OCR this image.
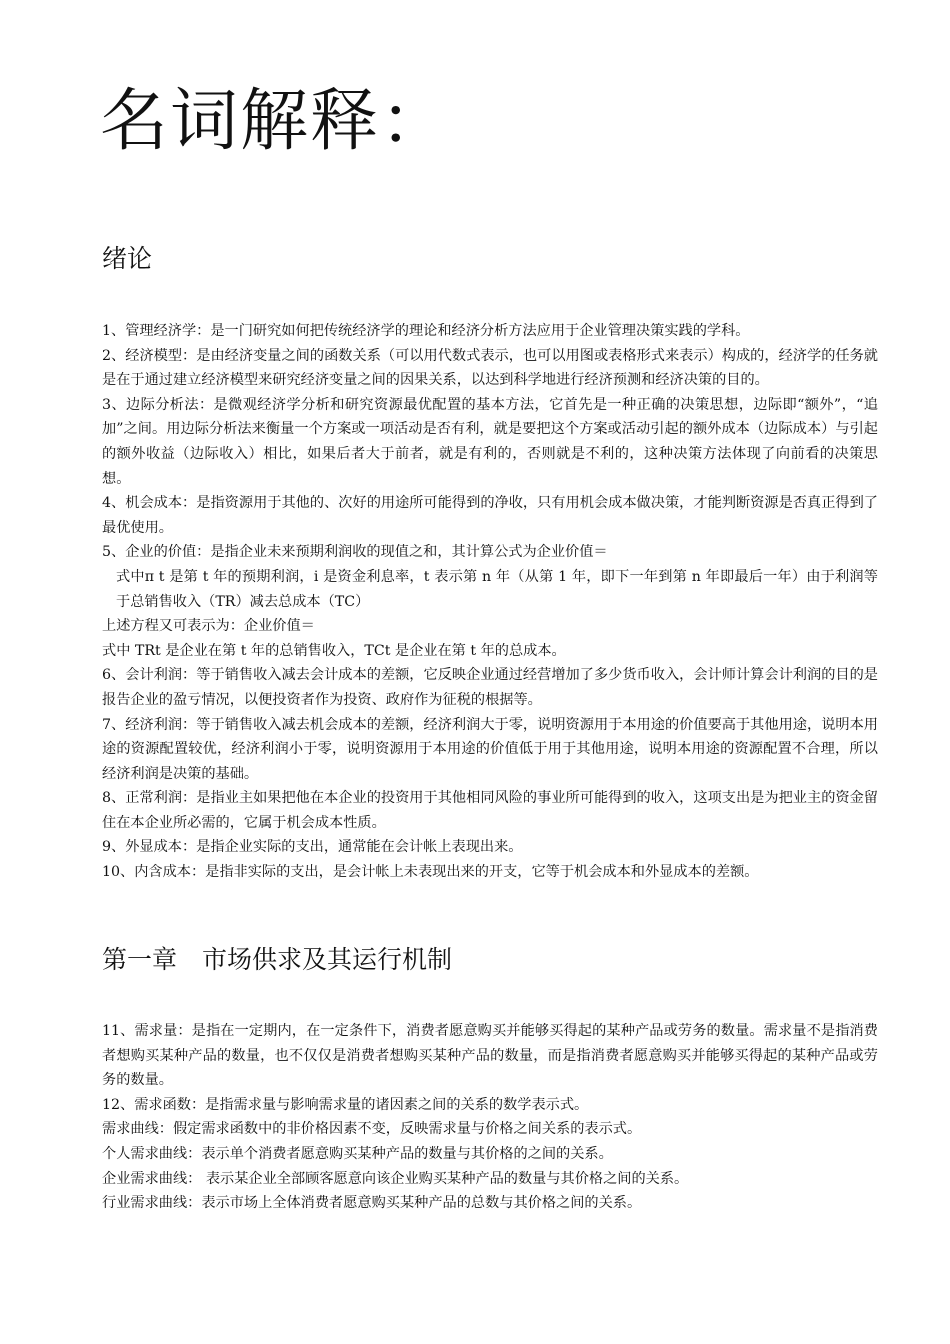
名词解释：
绪论

1、管理经济学：是一门研究如何把传统经济学的理论和经济分析方法应用于企业管理决策实践的学科。

2、经济模型：是由经济变量之间的函数关系（可以用代数式表示，也可以用图或表格形式来表示）构成的，经济学的任务就是在于通过建立经济模型来研究经济变量之间的因果关系，以达到科学地进行经济预测和经济决策的目的。

3、边际分析法：是微观经济学分析和研究资源最优配置的基本方法，它首先是一种正确的决策思想，边际即“额外”，“追加”之间。用边际分析法来衡量一个方案或一项活动是否有利，就是要把这个方案或活动引起的额外成本（边际成本）与引起的额外收益（边际收入）相比，如果后者大于前者，就是有利的，否则就是不利的，这种决策方法体现了向前看的决策思想。

4、机会成本：是指资源用于其他的、次好的用途所可能得到的净收，只有用机会成本做决策，才能判断资源是否真正得到了最优使用。

5、企业的价值：是指企业未来预期利润收的现值之和，其计算公式为企业价值＝

式中π t 是第 t 年的预期利润，i 是资金利息率，t 表示第 n 年（从第 1 年，即下一年到第 n 年即最后一年）由于利润等于总销售收入（TR）减去总成本（TC）

上述方程又可表示为：企业价值＝

式中 TRt 是企业在第 t 年的总销售收入，TCt 是企业在第 t 年的总成本。

6、会计利润：等于销售收入减去会计成本的差额，它反映企业通过经营增加了多少货币收入，会计师计算会计利润的目的是报告企业的盈亏情况，以便投资者作为投资、政府作为征税的根据等。

7、经济利润：等于销售收入减去机会成本的差额，经济利润大于零，说明资源用于本用途的价值要高于其他用途，说明本用途的资源配置较优，经济利润小于零，说明资源用于本用途的价值低于用于其他用途，说明本用途的资源配置不合理，所以经济利润是决策的基础。

8、正常利润：是指业主如果把他在本企业的投资用于其他相同风险的事业所可能得到的收入，这项支出是为把业主的资金留住在本企业所必需的，它属于机会成本性质。

9、外显成本：是指企业实际的支出，通常能在会计帐上表现出来。

10、内含成本：是指非实际的支出，是会计帐上未表现出来的开支，它等于机会成本和外显成本的差额。

第一章　市场供求及其运行机制

11、需求量：是指在一定期内，在一定条件下，消费者愿意购买并能够买得起的某种产品或劳务的数量。需求量不是指消费者想购买某种产品的数量，也不仅仅是消费者想购买某种产品的数量，而是指消费者愿意购买并能够买得起的某种产品或劳务的数量。

12、需求函数：是指需求量与影响需求量的诸因素之间的关系的数学表示式。

需求曲线：假定需求函数中的非价格因素不变，反映需求量与价格之间关系的表示式。

个人需求曲线：表示单个消费者愿意购买某种产品的数量与其价格的之间的关系。

企业需求曲线： 表示某企业全部顾客愿意向该企业购买某种产品的数量与其价格之间的关系。

行业需求曲线：表示市场上全体消费者愿意购买某种产品的总数与其价格之间的关系。
